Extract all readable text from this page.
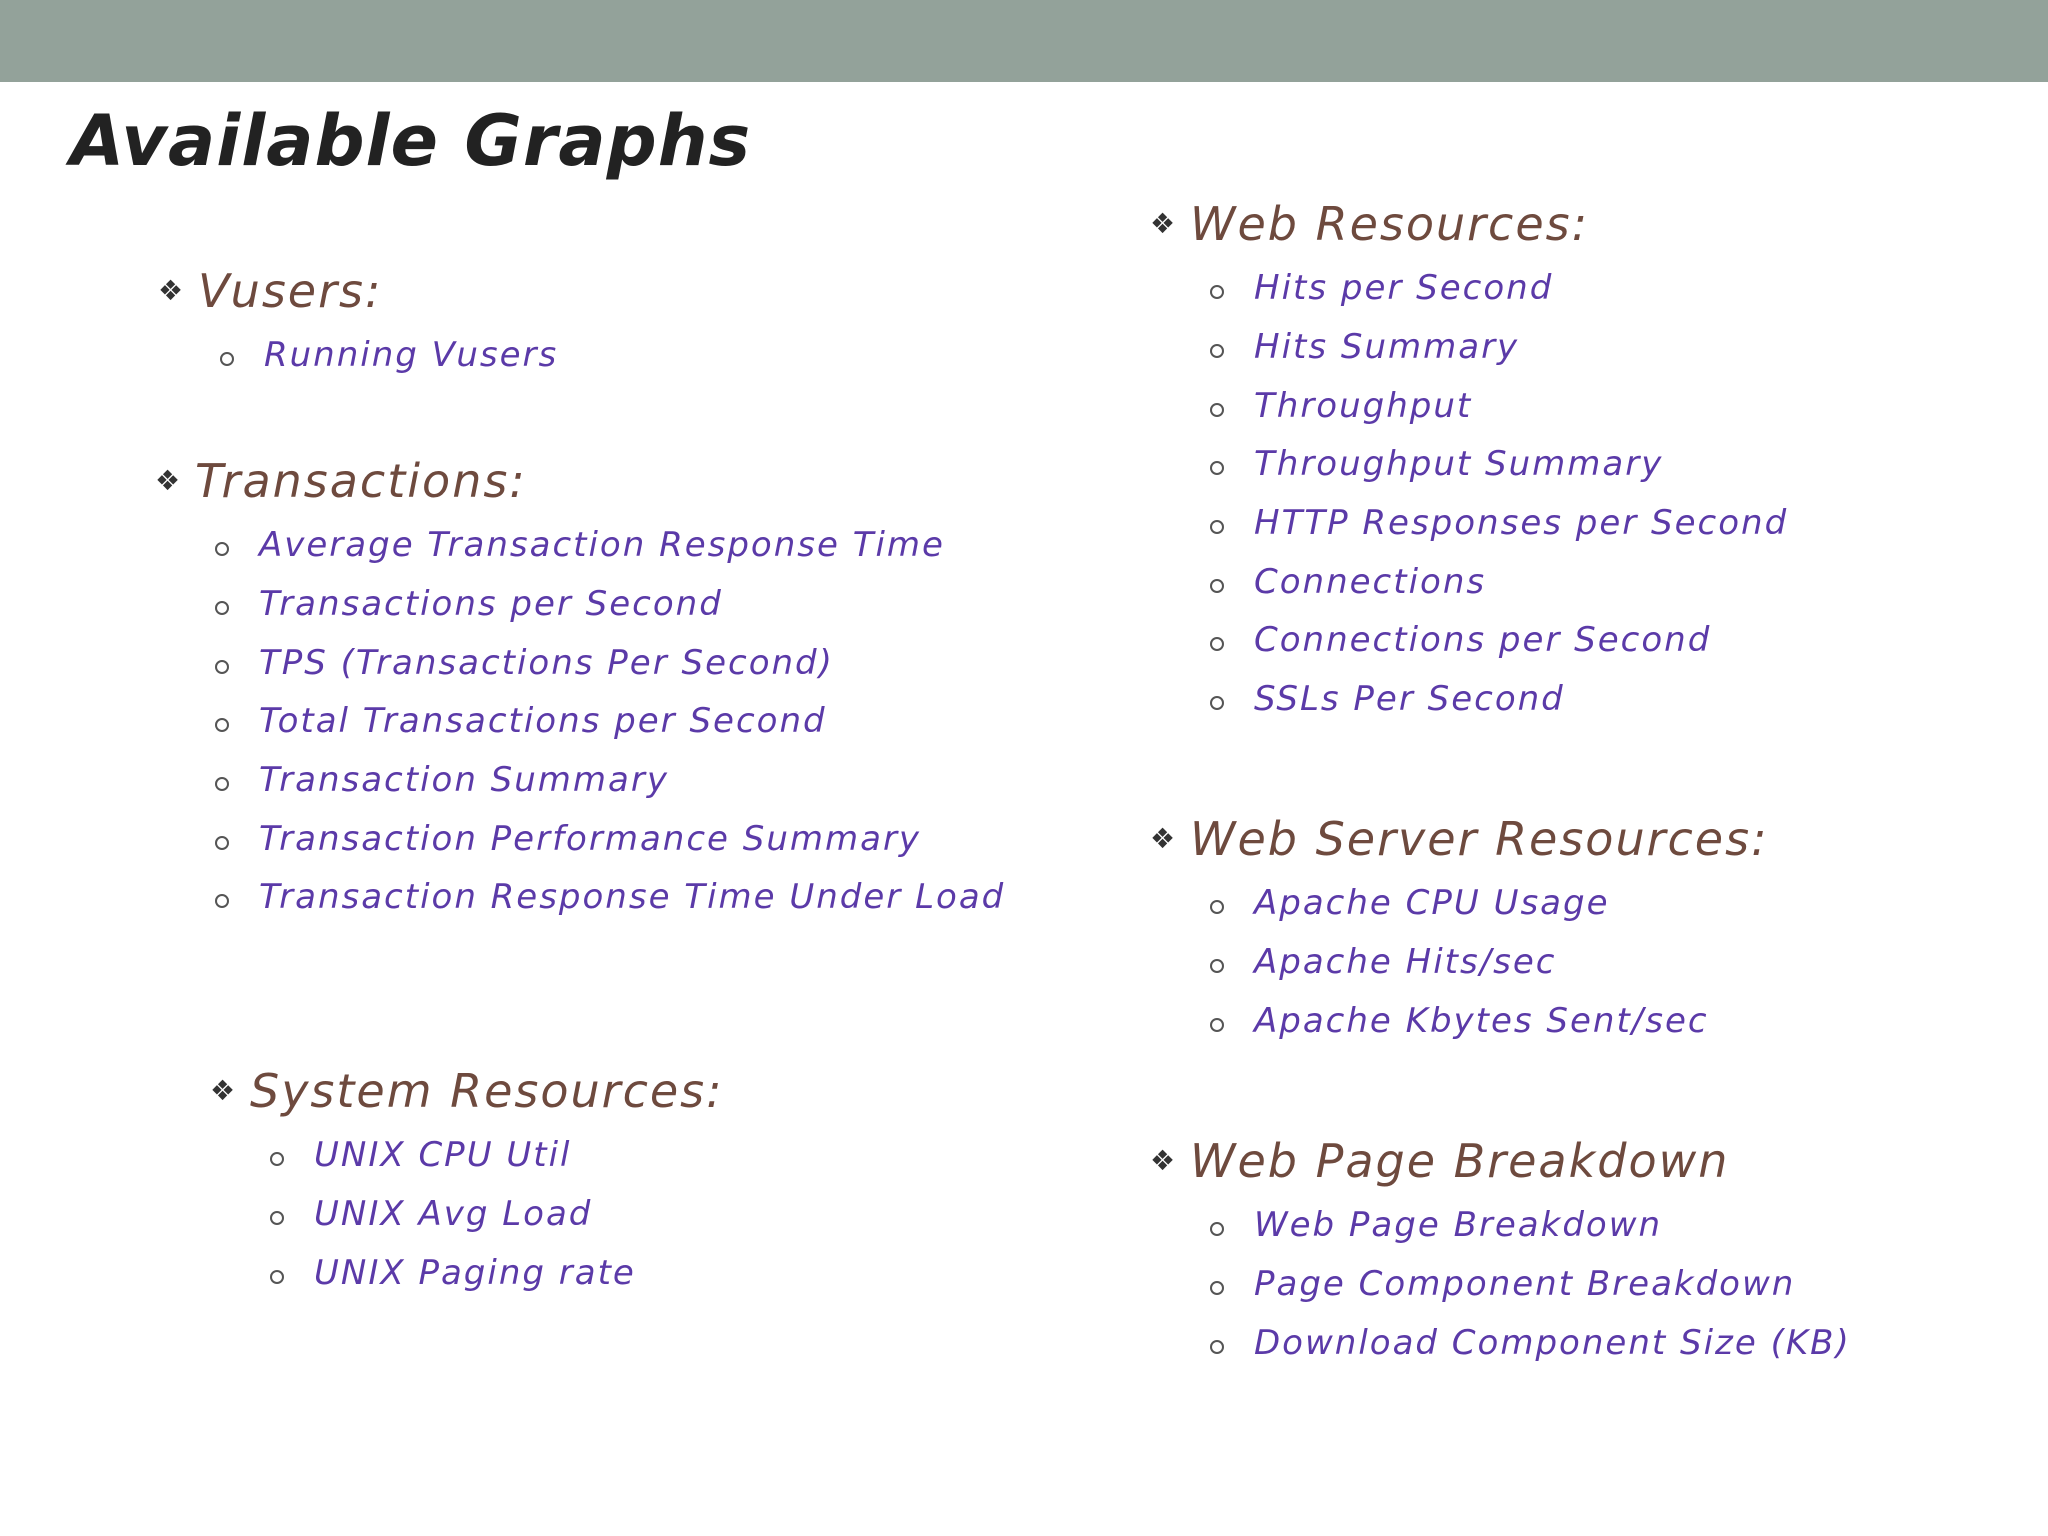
Available Graphs
❖ Vusers:
Running Vusers
❖ Transactions:
Average Transaction Response Time
Transactions per Second
TPS (Transactions Per Second)
Total Transactions per Second
Transaction Summary
Transaction Performance Summary
Transaction Response Time Under Load
❖ System Resources:
UNIX CPU Util
UNIX Avg Load
UNIX Paging rate
❖ Web Resources:
Hits per Second
Hits Summary
Throughput
Throughput Summary
HTTP Responses per Second
Connections
Connections per Second
SSLs Per Second
❖ Web Server Resources:
Apache CPU Usage
Apache Hits/sec
Apache Kbytes Sent/sec
❖ Web Page Breakdown
Web Page Breakdown
Page Component Breakdown
Download Component Size (KB)
